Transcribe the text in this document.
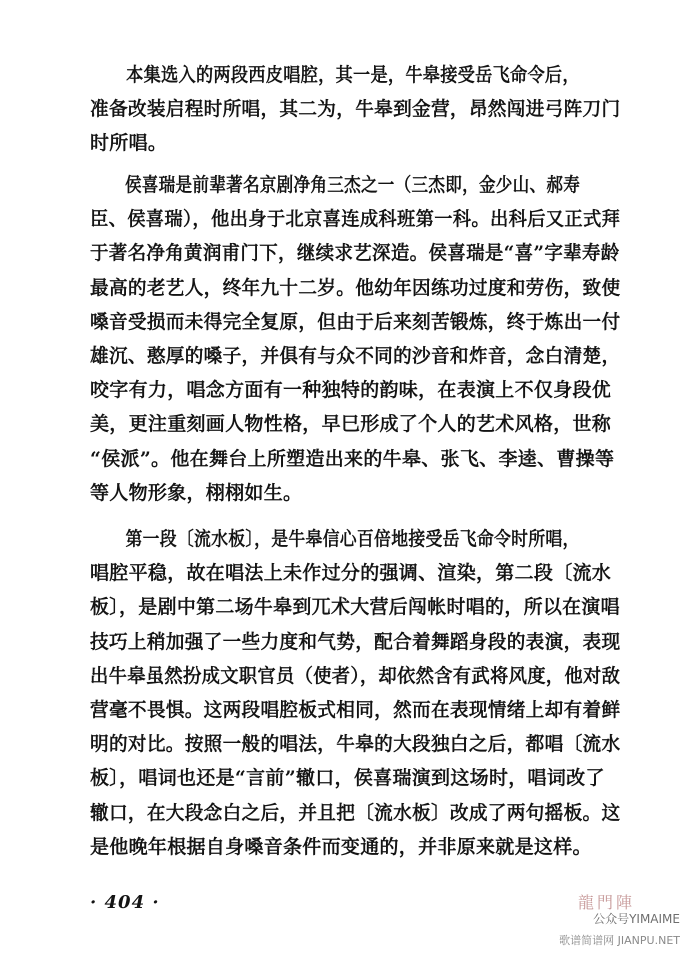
本集选入的两段西皮唱腔，其一是，牛皋接受岳飞命令后，
准备改装启程时所唱，其二为，牛皋到金营，昂然闯进弓阵刀门
时所唱。
侯喜瑞是前辈著名京剧净角三杰之一（三杰即，金少山、郝寿
臣、侯喜瑞），他出身于北京喜连成科班第一科。出科后又正式拜
于著名净角黄润甫门下，继续求艺深造。侯喜瑞是“喜”字辈寿龄
最高的老艺人，终年九十二岁。他幼年因练功过度和劳伤，致使
嗓音受损而未得完全复原，但由于后来刻苦锻炼，终于炼出一付
雄沉、憨厚的嗓子，并俱有与众不同的沙音和炸音，念白清楚，
咬字有力，唱念方面有一种独特的韵味，在表演上不仅身段优
美，更注重刻画人物性格，早巳形成了个人的艺术风格，世称
“侯派”。他在舞台上所塑造出来的牛皋、张飞、李逵、曹操等
等人物形象，栩栩如生。
第一段〔流水板〕，是牛皋信心百倍地接受岳飞命令时所唱，
唱腔平稳，故在唱法上未作过分的强调、渲染，第二段〔流水
板〕，是剧中第二场牛皋到兀术大营后闯帐时唱的，所以在演唱
技巧上稍加强了一些力度和气势，配合着舞蹈身段的表演，表现
出牛皋虽然扮成文职官员（使者），却依然含有武将风度，他对敌
营毫不畏惧。这两段唱腔板式相同，然而在表现情绪上却有着鲜
明的对比。按照一般的唱法，牛皋的大段独白之后，都唱〔流水
板〕，唱词也还是“言前”辙口，侯喜瑞演到这场时，唱词改了
辙口，在大段念白之后，并且把〔流水板〕改成了两句摇板。这
是他晚年根据自身嗓音条件而变通的，并非原来就是这样。
· 404 ·	龍門陣
公众号YIMAIME
歌谱简谱网 JIANPU.NET
